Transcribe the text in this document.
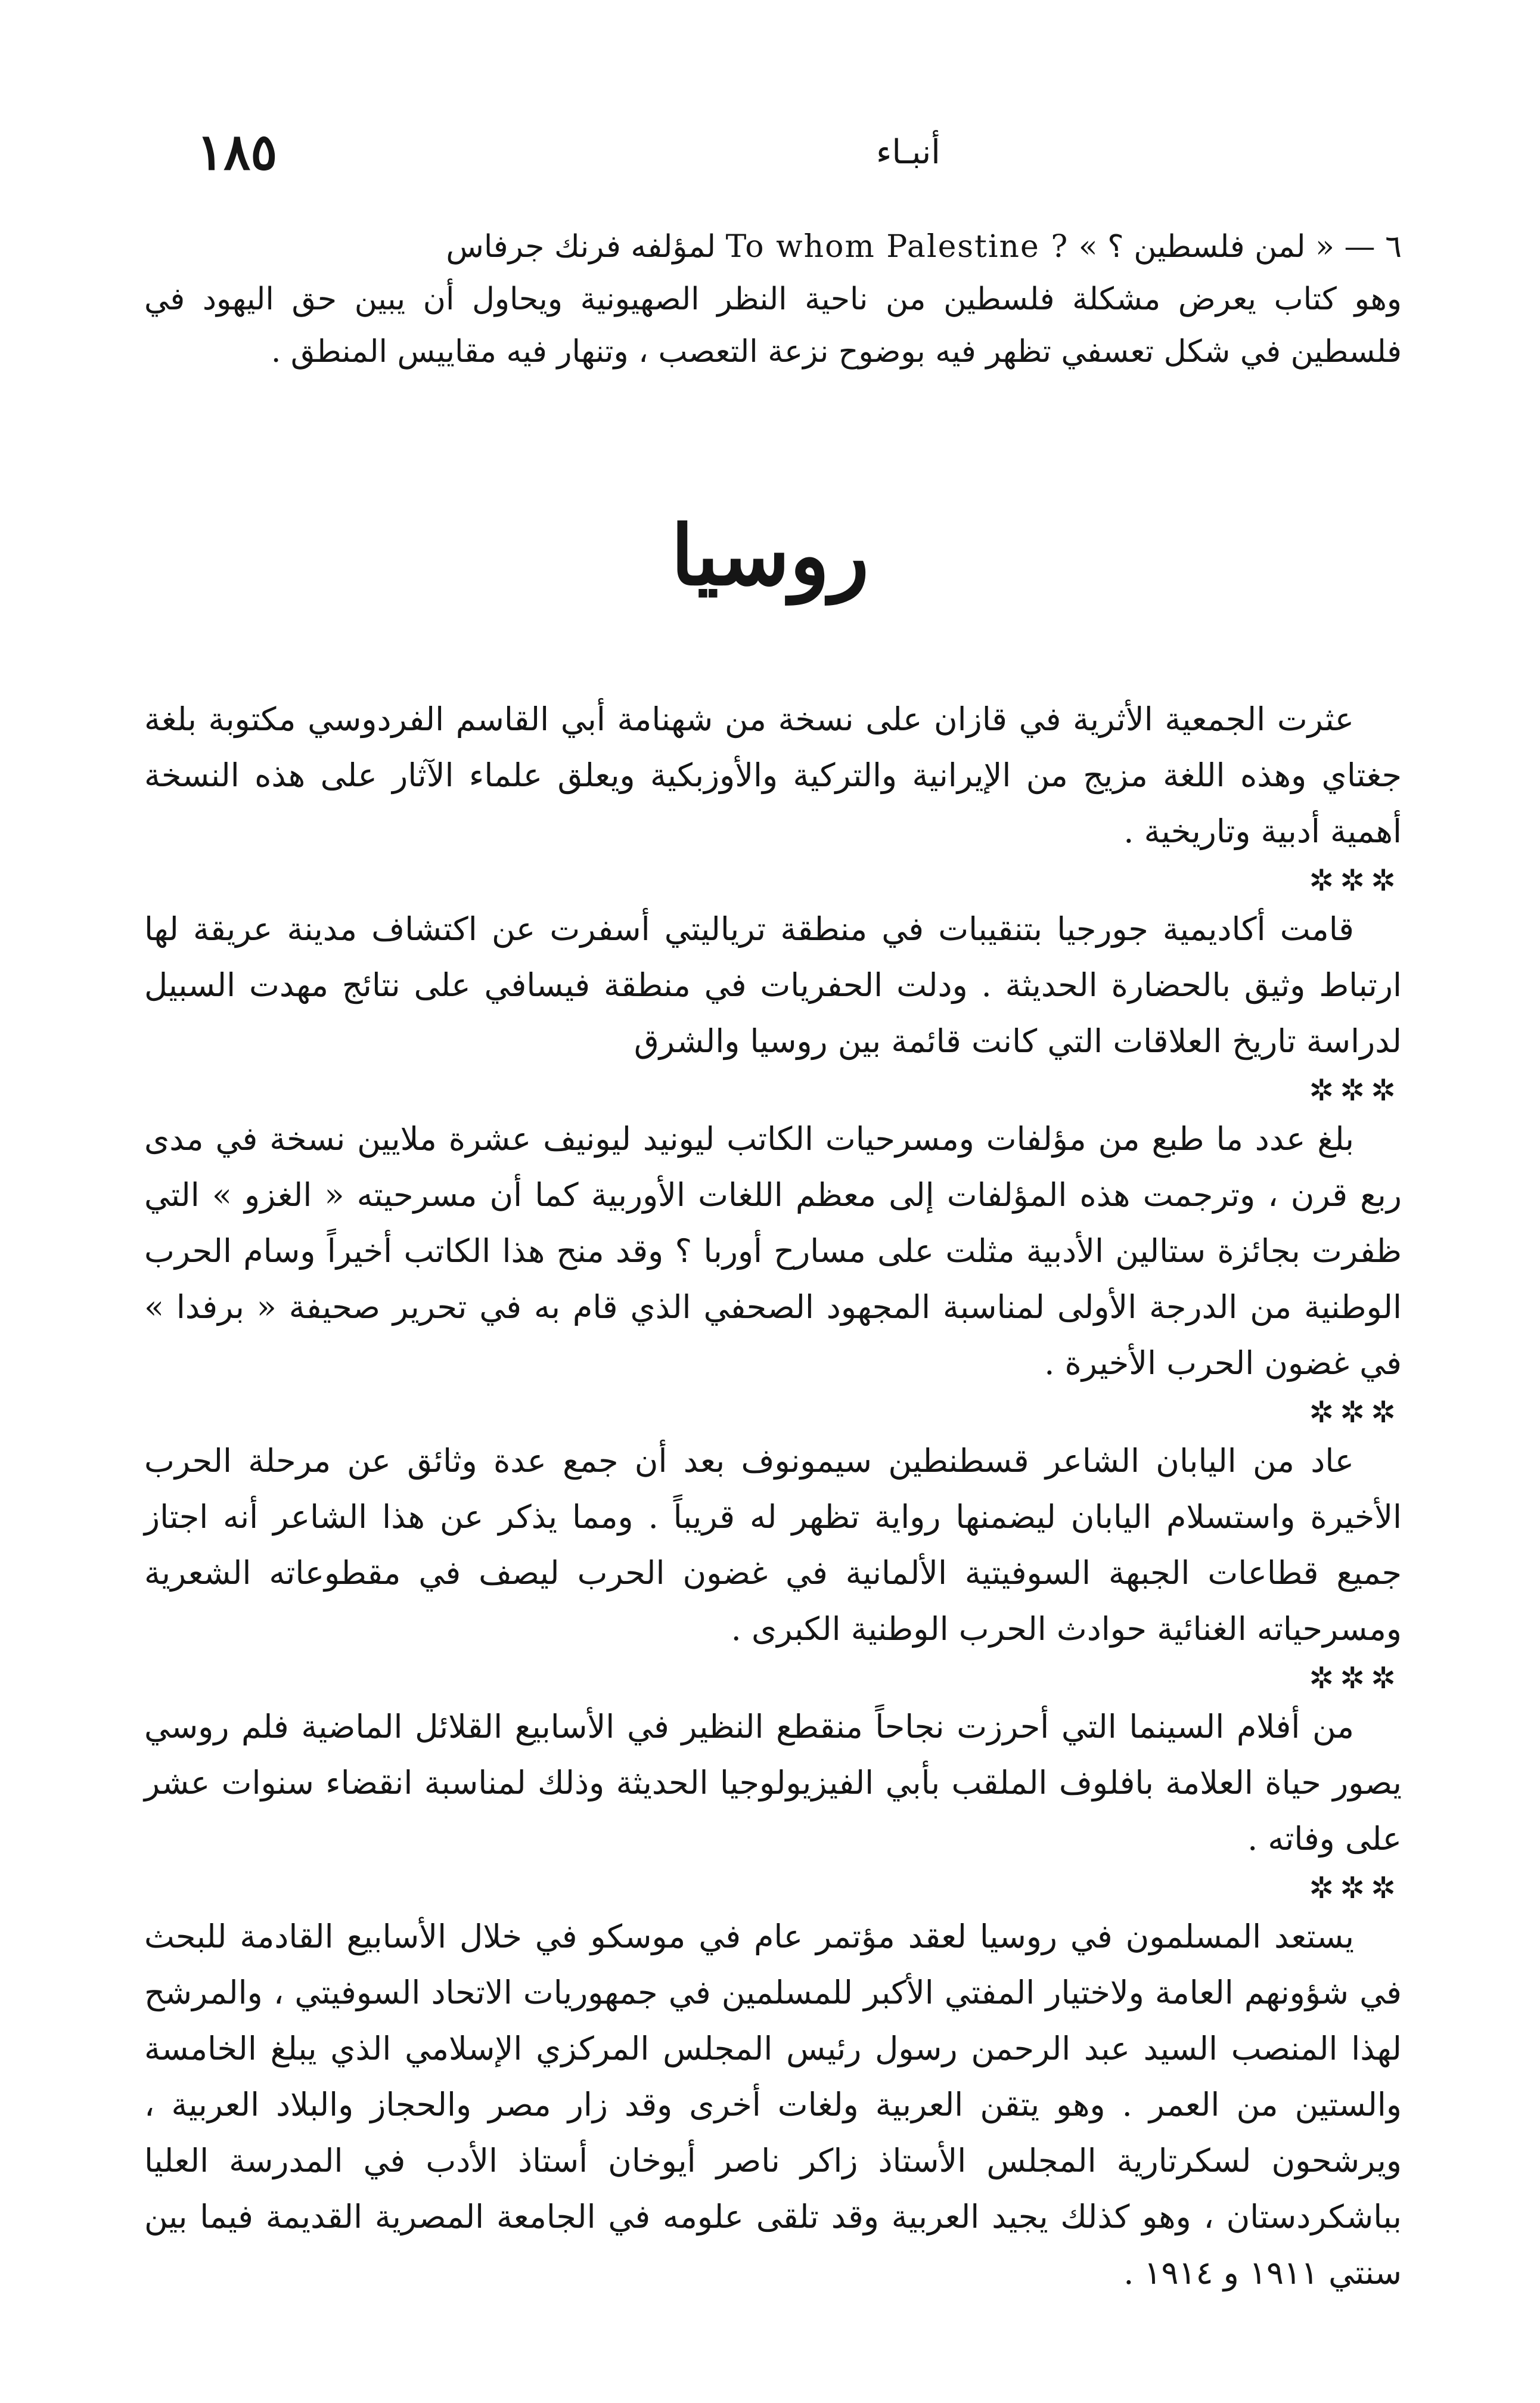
١٨٥	أنبـاء

٦ — « لمن فلسطين ؟ » To whom Palestine ? لمؤلفه فرنك جرفاس

وهو كتاب يعرض مشكلة فلسطين من ناحية النظر الصهيونية ويحاول أن يبين حق اليهود في فلسطين في شكل تعسفي تظهر فيه بوضوح نزعة التعصب ، وتنهار فيه مقاييس المنطق .

روسيا

عثرت الجمعية الأثرية في قازان على نسخة من شهنامة أبي القاسم الفردوسي مكتوبة بلغة جغتاي وهذه اللغة مزيج من الإيرانية والتركية والأوزبكية ويعلق علماء الآثار على هذه النسخة أهمية أدبية وتاريخية .

✲✲✲

قامت أكاديمية جورجيا بتنقيبات في منطقة ترياليتي أسفرت عن اكتشاف مدينة عريقة لها ارتباط وثيق بالحضارة الحديثة . ودلت الحفريات في منطقة فيسافي على نتائج مهدت السبيل لدراسة تاريخ العلاقات التي كانت قائمة بين روسيا والشرق

✲✲✲

بلغ عدد ما طبع من مؤلفات ومسرحيات الكاتب ليونيد ليونيف عشرة ملايين نسخة في مدى ربع قرن ، وترجمت هذه المؤلفات إلى معظم اللغات الأوربية كما أن مسرحيته « الغزو » التي ظفرت بجائزة ستالين الأدبية مثلت على مسارح أوربا ؟ وقد منح هذا الكاتب أخيراً وسام الحرب الوطنية من الدرجة الأولى لمناسبة المجهود الصحفي الذي قام به في تحرير صحيفة « برفدا » في غضون الحرب الأخيرة .

✲✲✲

عاد من اليابان الشاعر قسطنطين سيمونوف بعد أن جمع عدة وثائق عن مرحلة الحرب الأخيرة واستسلام اليابان ليضمنها رواية تظهر له قريباً . ومما يذكر عن هذا الشاعر أنه اجتاز جميع قطاعات الجبهة السوفيتية الألمانية في غضون الحرب ليصف في مقطوعاته الشعرية ومسرحياته الغنائية حوادث الحرب الوطنية الكبرى .

✲✲✲

من أفلام السينما التي أحرزت نجاحاً منقطع النظير في الأسابيع القلائل الماضية فلم روسي يصور حياة العلامة بافلوف الملقب بأبي الفيزيولوجيا الحديثة وذلك لمناسبة انقضاء سنوات عشر على وفاته .

✲✲✲

يستعد المسلمون في روسيا لعقد مؤتمر عام في موسكو في خلال الأسابيع القادمة للبحث في شؤونهم العامة ولاختيار المفتي الأكبر للمسلمين في جمهوريات الاتحاد السوفيتي ، والمرشح لهذا المنصب السيد عبد الرحمن رسول رئيس المجلس المركزي الإسلامي الذي يبلغ الخامسة والستين من العمر . وهو يتقن العربية ولغات أخرى وقد زار مصر والحجاز والبلاد العربية ، ويرشحون لسكرتارية المجلس الأستاذ زاكر ناصر أيوخان أستاذ الأدب في المدرسة العليا بباشكردستان ، وهو كذلك يجيد العربية وقد تلقى علومه في الجامعة المصرية القديمة فيما بين سنتي ١٩١١ و ١٩١٤ .
